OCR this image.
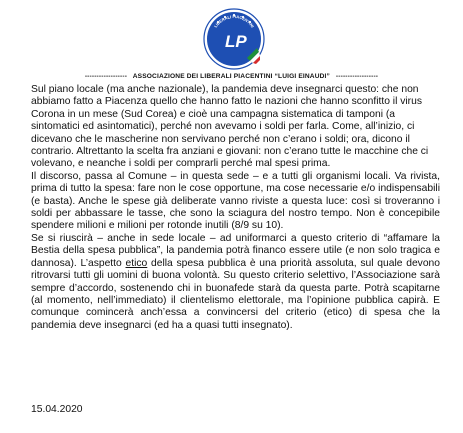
LIBERALI PIACENTINI
LP
------------------ ASSOCIAZIONE DEI LIBERALI PIACENTINI “LUIGI EINAUDI” ------------------

Sul piano locale (ma anche nazionale), la pandemia deve insegnarci questo: che non abbiamo fatto a Piacenza quello che hanno fatto le nazioni che hanno sconfitto il virus Corona in un mese (Sud Corea) e cioè una campagna sistematica di tamponi (a sintomatici ed asintomatici), perché non avevamo i soldi per farla. Come, all’inizio, ci dicevano che le mascherine non servivano perché non c’erano i soldi; ora, dicono il contrario. Altrettanto la scelta fra anziani e giovani: non c’erano tutte le macchine che ci volevano, e neanche i soldi per comprarli perché mal spesi prima.

Il discorso, passa al Comune – in questa sede – e a tutti gli organismi locali. Va rivista, prima di tutto la spesa: fare non le cose opportune, ma cose necessarie e/o indispensabili (e basta). Anche le spese già deliberate vanno riviste a questa luce: così si troveranno i soldi per abbassare le tasse, che sono la sciagura del nostro tempo. Non è concepibile spendere milioni e milioni per rotonde inutili (8/9 su 10).

Se si riuscirà – anche in sede locale – ad uniformarci a questo criterio di “affamare la Bestia della spesa pubblica”, la pandemia potrà financo essere utile (e non solo tragica e dannosa). L’aspetto etico della spesa pubblica è una priorità assoluta, sul quale devono ritrovarsi tutti gli uomini di buona volontà. Su questo criterio selettivo, l’Associazione sarà sempre d’accordo, sostenendo chi in buonafede starà da questa parte. Potrà scapitarne (al momento, nell’immediato) il clientelismo elettorale, ma l’opinione pubblica capirà. E comunque comincerà anch’essa a convincersi del criterio (etico) di spesa che la pandemia deve insegnarci (ed ha a quasi tutti insegnato).

15.04.2020
